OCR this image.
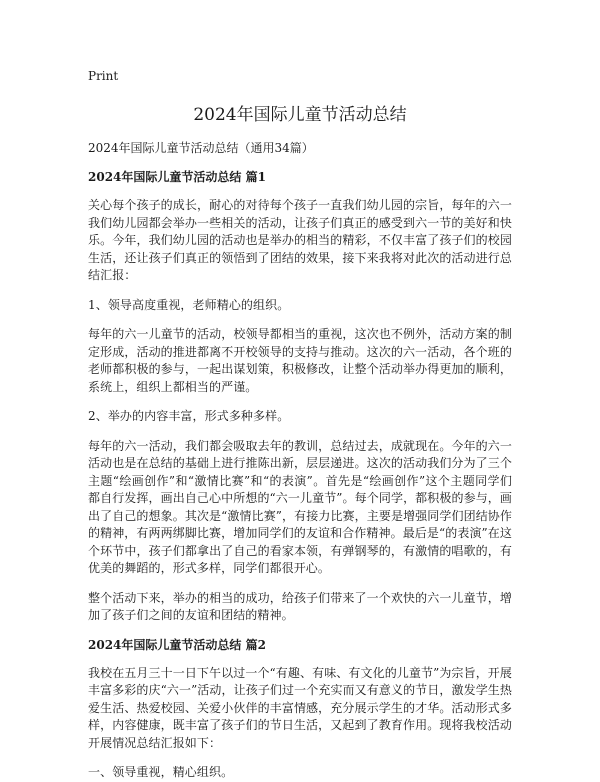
Print
2024年国际儿童节活动总结
2024年国际儿童节活动总结（通用34篇）
2024年国际儿童节活动总结 篇1

关心每个孩子的成长，耐心的对待每个孩子一直我们幼儿园的宗旨，每年的六一我们幼儿园都会举办一些相关的活动，让孩子们真正的感受到六一节的美好和快乐。今年，我们幼儿园的活动也是举办的相当的精彩，不仅丰富了孩子们的校园生活，还让孩子们真正的领悟到了团结的效果，接下来我将对此次的活动进行总结汇报：

1、领导高度重视，老师精心的组织。

每年的六一儿童节的活动，校领导都相当的重视，这次也不例外，活动方案的制定形成，活动的推进都离不开校领导的支持与推动。这次的六一活动，各个班的老师都积极的参与，一起出谋划策，积极修改，让整个活动举办得更加的顺利，系统上，组织上都相当的严谨。

2、举办的内容丰富，形式多种多样。

每年的六一活动，我们都会吸取去年的教训，总结过去，成就现在。今年的六一活动也是在总结的基础上进行推陈出新，层层递进。这次的活动我们分为了三个主题“绘画创作”和“激情比赛”和“的表演”。首先是“绘画创作”这个主题同学们都自行发挥，画出自己心中所想的“六一儿童节”。每个同学，都积极的参与，画出了自己的想象。其次是“激情比赛”，有接力比赛，主要是增强同学们团结协作的精神，有两两绑脚比赛，增加同学们的友谊和合作精神。最后是“的表演”在这个环节中，孩子们都拿出了自己的看家本领，有弹钢琴的，有激情的唱歌的，有优美的舞蹈的，形式多样，同学们都很开心。

整个活动下来，举办的相当的成功，给孩子们带来了一个欢快的六一儿童节，增加了孩子们之间的友谊和团结的精神。

2024年国际儿童节活动总结 篇2

我校在五月三十一日下午以过一个“有趣、有味、有文化的儿童节”为宗旨，开展丰富多彩的庆“六一”活动，让孩子们过一个充实而又有意义的节日，激发学生热爱生活、热爱校园、关爱小伙伴的丰富情感，充分展示学生的才华。活动形式多样，内容健康，既丰富了孩子们的节日生活，又起到了教育作用。现将我校活动开展情况总结汇报如下：

一、领导重视，精心组织。
